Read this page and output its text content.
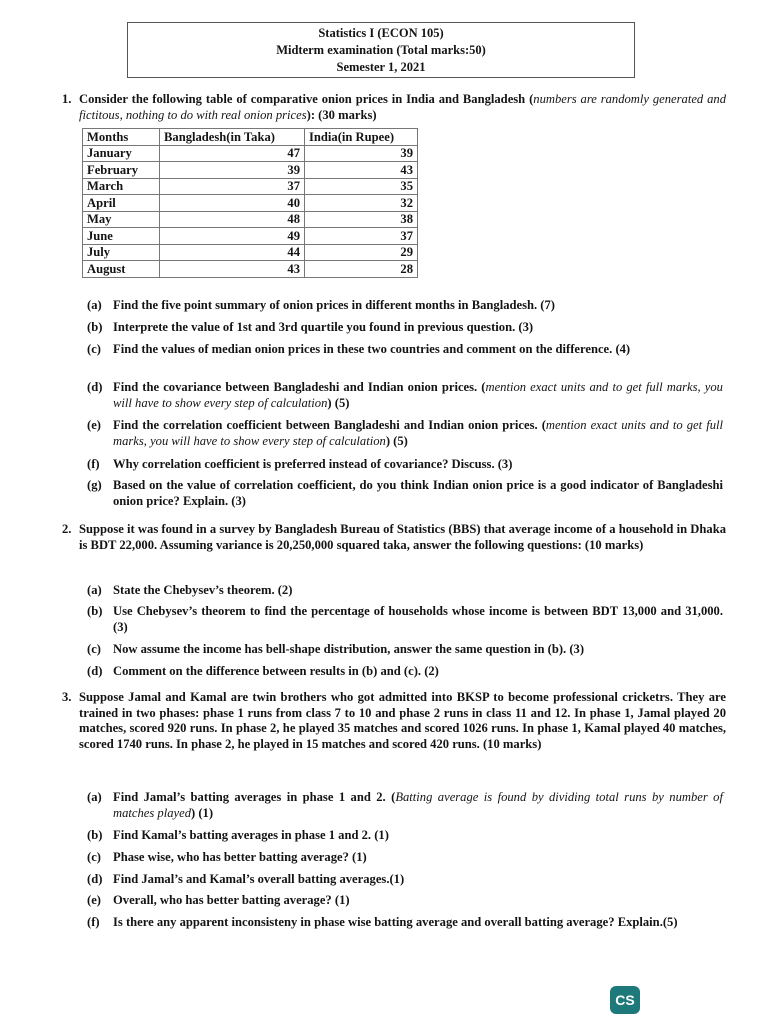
Statistics I (ECON 105)
Midterm examination (Total marks:50)
Semester 1, 2021
1. Consider the following table of comparative onion prices in India and Bangladesh (numbers are randomly generated and fictitous, nothing to do with real onion prices): (30 marks)
Months	Bangladesh(in Taka)	India(in Rupee)
January	47	39
February	39	43
March	37	35
April	40	32
May	48	38
June	49	37
July	44	29
August	43	28
(a) Find the five point summary of onion prices in different months in Bangladesh. (7)
(b) Interprete the value of 1st and 3rd quartile you found in previous question. (3)
(c) Find the values of median onion prices in these two countries and comment on the difference. (4)
(d) Find the covariance between Bangladeshi and Indian onion prices. (mention exact units and to get full marks, you will have to show every step of calculation) (5)
(e) Find the correlation coefficient between Bangladeshi and Indian onion prices. (mention exact units and to get full marks, you will have to show every step of calculation) (5)
(f) Why correlation coefficient is preferred instead of covariance? Discuss. (3)
(g) Based on the value of correlation coefficient, do you think Indian onion price is a good indicator of Bangladeshi onion price? Explain. (3)
2. Suppose it was found in a survey by Bangladesh Bureau of Statistics (BBS) that average income of a household in Dhaka is BDT 22,000. Assuming variance is 20,250,000 squared taka, answer the following questions: (10 marks)
(a) State the Chebysev’s theorem. (2)
(b) Use Chebysev’s theorem to find the percentage of households whose income is between BDT 13,000 and 31,000. (3)
(c) Now assume the income has bell-shape distribution, answer the same question in (b). (3)
(d) Comment on the difference between results in (b) and (c). (2)
3. Suppose Jamal and Kamal are twin brothers who got admitted into BKSP to become professional cricketrs. They are trained in two phases: phase 1 runs from class 7 to 10 and phase 2 runs in class 11 and 12. In phase 1, Jamal played 20 matches, scored 920 runs. In phase 2, he played 35 matches and scored 1026 runs. In phase 1, Kamal played 40 matches, scored 1740 runs. In phase 2, he played in 15 matches and scored 420 runs. (10 marks)
(a) Find Jamal’s batting averages in phase 1 and 2. (Batting average is found by dividing total runs by number of matches played) (1)
(b) Find Kamal’s batting averages in phase 1 and 2. (1)
(c) Phase wise, who has better batting average? (1)
(d) Find Jamal’s and Kamal’s overall batting averages.(1)
(e) Overall, who has better batting average? (1)
(f) Is there any apparent inconsisteny in phase wise batting average and overall batting average? Explain.(5)
CS
